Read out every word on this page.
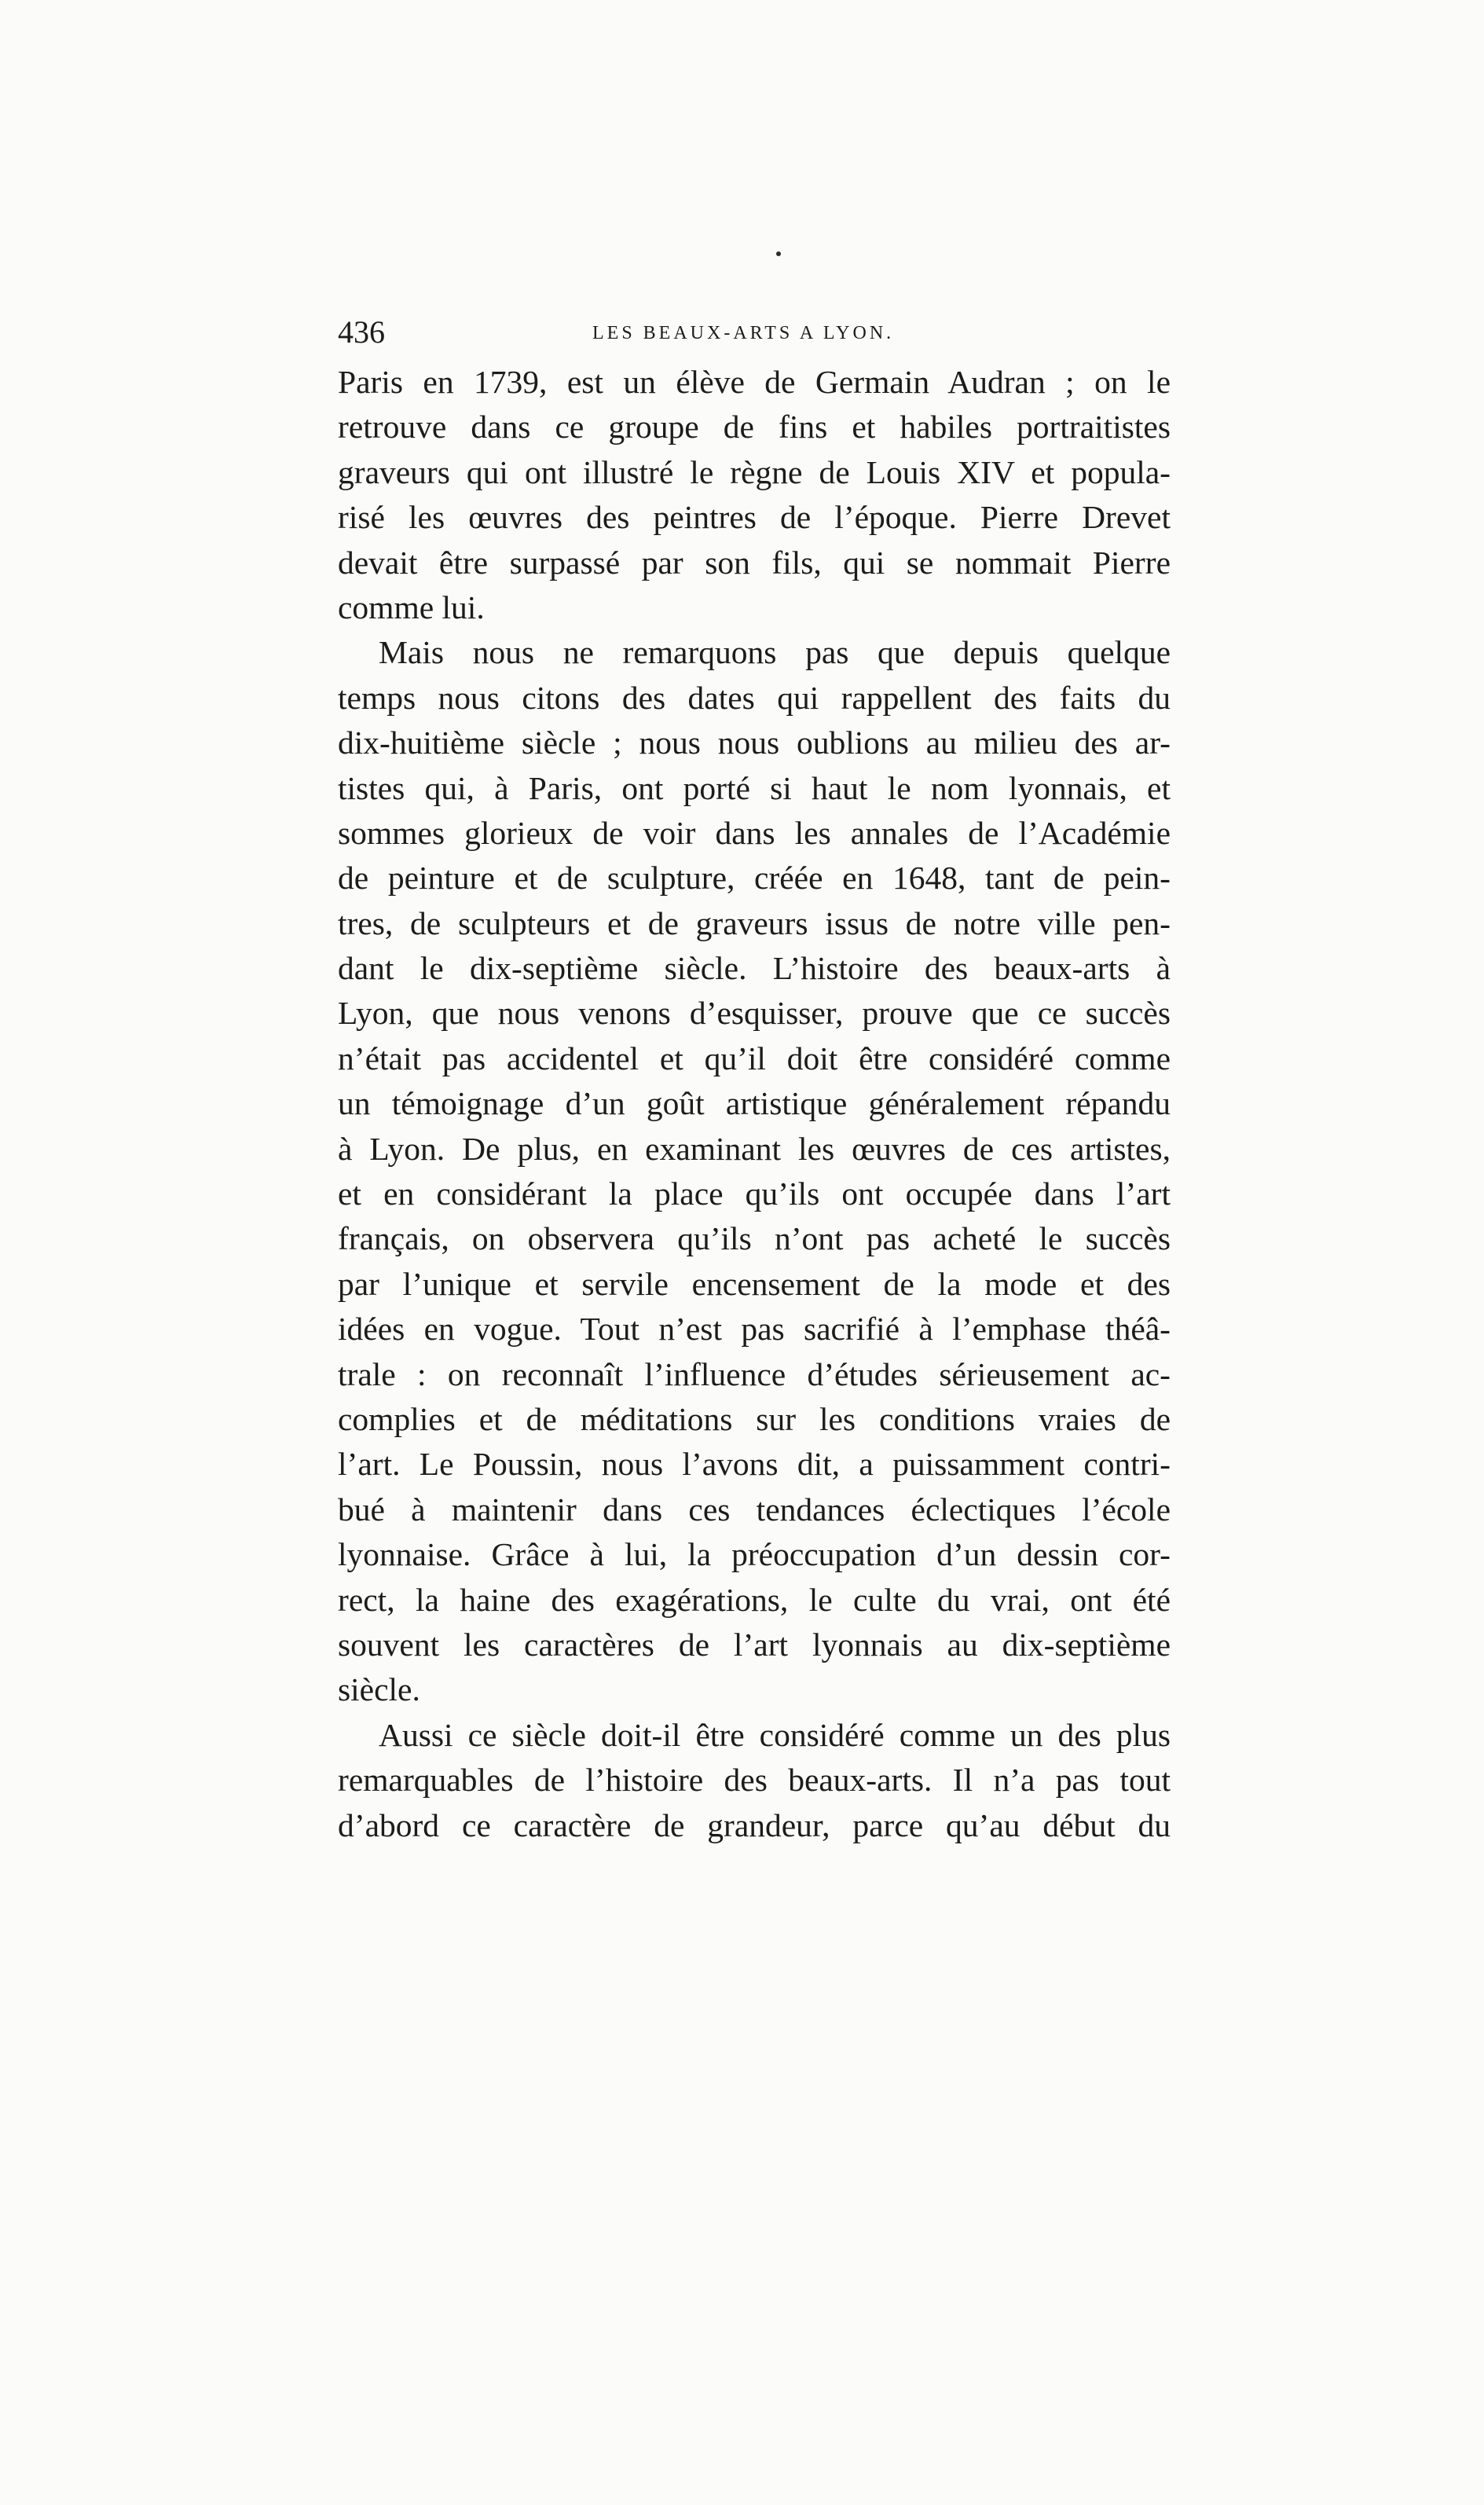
436	LES BEAUX-ARTS A LYON.
Paris en 1739, est un élève de Germain Audran ; on le
retrouve dans ce groupe de fins et habiles portraitistes
graveurs qui ont illustré le règne de Louis XIV et popula-
risé les œuvres des peintres de l’époque. Pierre Drevet
devait être surpassé par son fils, qui se nommait Pierre
comme lui.
Mais nous ne remarquons pas que depuis quelque
temps nous citons des dates qui rappellent des faits du
dix-huitième siècle ; nous nous oublions au milieu des ar-
tistes qui, à Paris, ont porté si haut le nom lyonnais, et
sommes glorieux de voir dans les annales de l’Académie
de peinture et de sculpture, créée en 1648, tant de pein-
tres, de sculpteurs et de graveurs issus de notre ville pen-
dant le dix-septième siècle. L’histoire des beaux-arts à
Lyon, que nous venons d’esquisser, prouve que ce succès
n’était pas accidentel et qu’il doit être considéré comme
un témoignage d’un goût artistique généralement répandu
à Lyon. De plus, en examinant les œuvres de ces artistes,
et en considérant la place qu’ils ont occupée dans l’art
français, on observera qu’ils n’ont pas acheté le succès
par l’unique et servile encensement de la mode et des
idées en vogue. Tout n’est pas sacrifié à l’emphase théâ-
trale : on reconnaît l’influence d’études sérieusement ac-
complies et de méditations sur les conditions vraies de
l’art. Le Poussin, nous l’avons dit, a puissamment contri-
bué à maintenir dans ces tendances éclectiques l’école
lyonnaise. Grâce à lui, la préoccupation d’un dessin cor-
rect, la haine des exagérations, le culte du vrai, ont été
souvent les caractères de l’art lyonnais au dix-septième
siècle.
Aussi ce siècle doit-il être considéré comme un des plus
remarquables de l’histoire des beaux-arts. Il n’a pas tout
d’abord ce caractère de grandeur, parce qu’au début du
